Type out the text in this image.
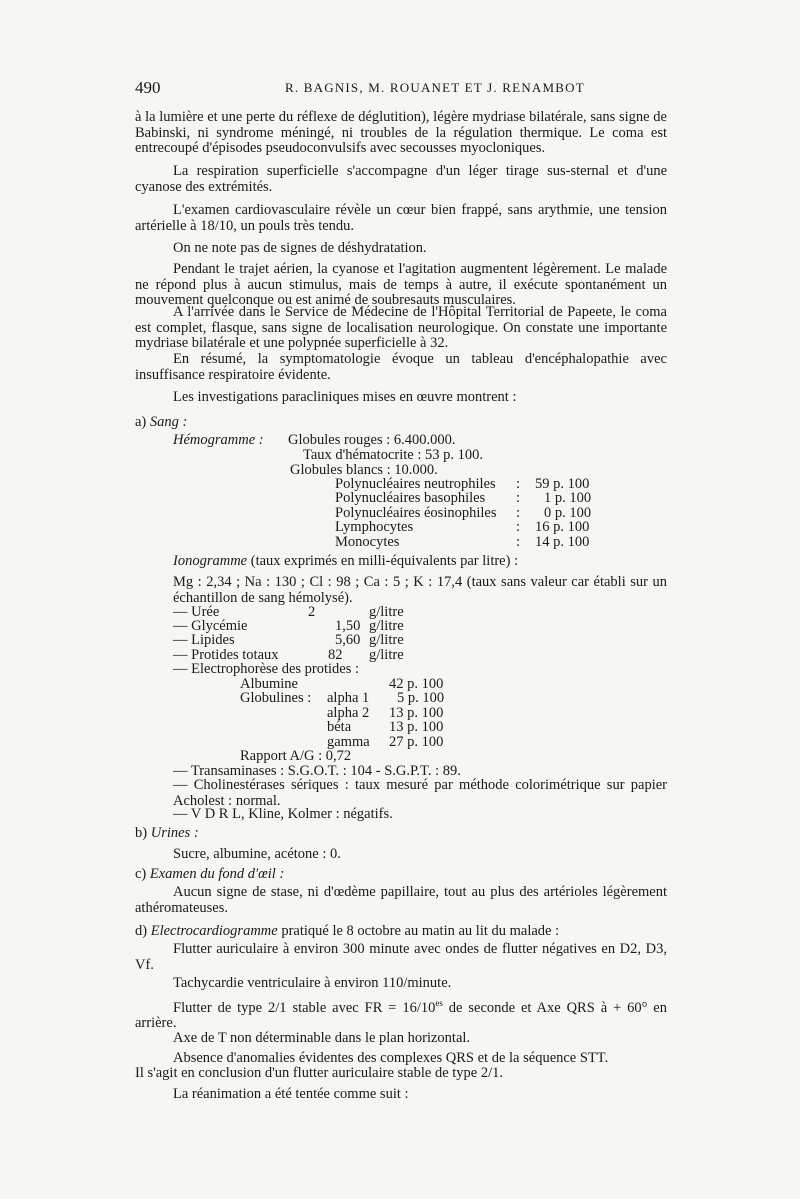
490	R. BAGNIS, M. ROUANET ET J. RENAMBOT

à la lumière et une perte du réflexe de déglutition), légère mydriase bilatérale, sans signe de Babinski, ni syndrome méningé, ni troubles de la régulation thermique. Le coma est entrecoupé d'épisodes pseudoconvulsifs avec secousses myocloniques.

La respiration superficielle s'accompagne d'un léger tirage sus-sternal et d'une cyanose des extrémités.

L'examen cardiovasculaire révèle un cœur bien frappé, sans arythmie, une tension artérielle à 18/10, un pouls très tendu.

On ne note pas de signes de déshydratation.

Pendant le trajet aérien, la cyanose et l'agitation augmentent légèrement. Le malade ne répond plus à aucun stimulus, mais de temps à autre, il exécute spontanément un mouvement quelconque ou est animé de soubresauts musculaires.

A l'arrivée dans le Service de Médecine de l'Hôpital Territorial de Papeete, le coma est complet, flasque, sans signe de localisation neurologique. On constate une importante mydriase bilatérale et une polypnée superficielle à 32.

En résumé, la symptomatologie évoque un tableau d'encéphalopathie avec insuffisance respiratoire évidente.

Les investigations paracliniques mises en œuvre montrent :

a) Sang :
Hémogramme : Globules rouges : 6.400.000.
Taux d'hématocrite : 53 p. 100.
Globules blancs : 10.000.
Polynucléaires neutrophiles : 59 p. 100
Polynucléaires basophiles : 1 p. 100
Polynucléaires éosinophiles : 0 p. 100
Lymphocytes	: 16 p. 100
Monocytes	: 14 p. 100
Ionogramme (taux exprimés en milli-équivalents par litre) :

Mg : 2,34 ; Na : 130 ; Cl : 98 ; Ca : 5 ; K : 17,4 (taux sans valeur car établi sur un échantillon de sang hémolysé).

— Urée	2	g/litre
— Glycémie	1,50 g/litre
— Lipides	5,60 g/litre
— Protides totaux	82 g/litre
— Electrophorèse des protides :
Albumine	42 p. 100
Globulines : alpha 1 5 p. 100
alpha 2 13 p. 100
béta	13 p. 100
gamma 27 p. 100
Rapport A/G : 0,72
— Transaminases : S.G.O.T. : 104 - S.G.P.T. : 89.

— Cholinestérases sériques : taux mesuré par méthode colorimétrique sur papier Acholest : normal.

— V D R L, Kline, Kolmer : négatifs.
b) Urines :
Sucre, albumine, acétone : 0.
c) Examen du fond d'œil :

Aucun signe de stase, ni d'œdème papillaire, tout au plus des artérioles légèrement athéromateuses.

d) Electrocardiogramme pratiqué le 8 octobre au matin au lit du malade :

Flutter auriculaire à environ 300 minute avec ondes de flutter négatives en D2, D3, Vf.

Tachycardie ventriculaire à environ 110/minute.

Flutter de type 2/1 stable avec FR = $16/10^{es}$ de seconde et Axe QRS à + 60° en arrière.

Axe de T non déterminable dans le plan horizontal.

Absence d'anomalies évidentes des complexes QRS et de la séquence STT.

Il s'agit en conclusion d'un flutter auriculaire stable de type 2/1.

La réanimation a été tentée comme suit :
